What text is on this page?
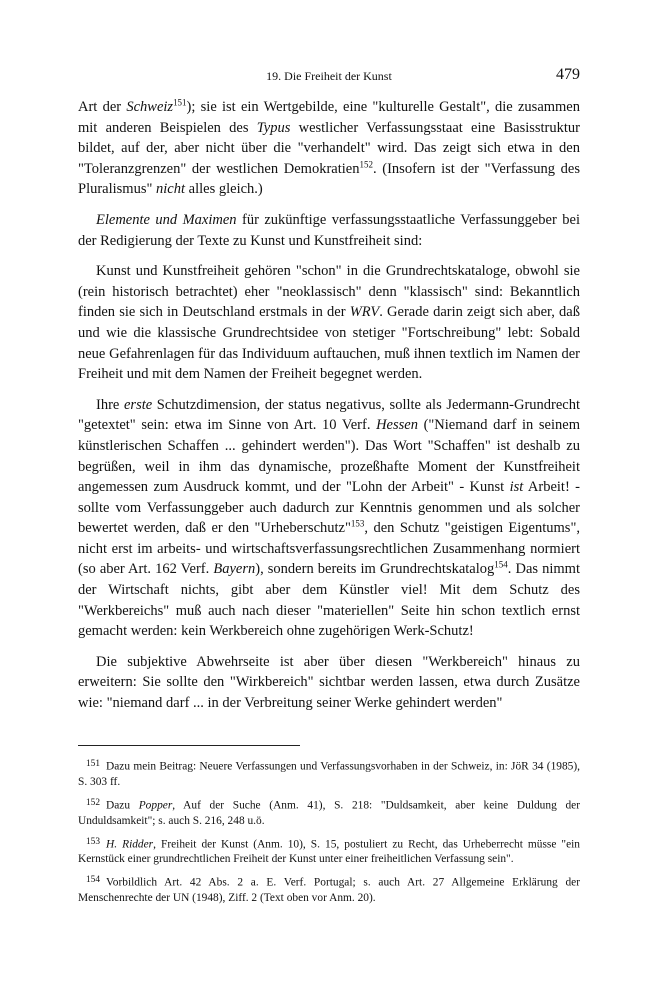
19. Die Freiheit der Kunst	479

Art der Schweiz$^{151}$); sie ist ein Wertgebilde, eine "kulturelle Gestalt", die zusammen mit anderen Beispielen des Typus westlicher Verfassungsstaat eine Basisstruktur bildet, auf der, aber nicht über die "verhandelt" wird. Das zeigt sich etwa in den "Toleranzgrenzen" der westlichen Demokratien$^{152}$. (Insofern ist der "Verfassung des Pluralismus" nicht alles gleich.)

Elemente und Maximen für zukünftige verfassungsstaatliche Verfassunggeber bei der Redigierung der Texte zu Kunst und Kunstfreiheit sind:

Kunst und Kunstfreiheit gehören "schon" in die Grundrechtskataloge, obwohl sie (rein historisch betrachtet) eher "neoklassisch" denn "klassisch" sind: Bekanntlich finden sie sich in Deutschland erstmals in der WRV. Gerade darin zeigt sich aber, daß und wie die klassische Grundrechtsidee von stetiger "Fortschreibung" lebt: Sobald neue Gefahrenlagen für das Individuum auftauchen, muß ihnen textlich im Namen der Freiheit und mit dem Namen der Freiheit begegnet werden.

Ihre erste Schutzdimension, der status negativus, sollte als Jedermann-Grundrecht "getextet" sein: etwa im Sinne von Art. 10 Verf. Hessen ("Niemand darf in seinem künstlerischen Schaffen ... gehindert werden"). Das Wort "Schaffen" ist deshalb zu begrüßen, weil in ihm das dynamische, prozeßhafte Moment der Kunstfreiheit angemessen zum Ausdruck kommt, und der "Lohn der Arbeit" - Kunst ist Arbeit! - sollte vom Verfassunggeber auch dadurch zur Kenntnis genommen und als solcher bewertet werden, daß er den "Urheberschutz"$^{153}$, den Schutz "geistigen Eigentums", nicht erst im arbeits- und wirtschaftsverfassungsrechtlichen Zusammenhang normiert (so aber Art. 162 Verf. Bayern), sondern bereits im Grundrechtskatalog$^{154}$. Das nimmt der Wirtschaft nichts, gibt aber dem Künstler viel! Mit dem Schutz des "Werkbereichs" muß auch nach dieser "materiellen" Seite hin schon textlich ernst gemacht werden: kein Werkbereich ohne zugehörigen Werk-Schutz!

Die subjektive Abwehrseite ist aber über diesen "Werkbereich" hinaus zu erweitern: Sie sollte den "Wirkbereich" sichtbar werden lassen, etwa durch Zusätze wie: "niemand darf ... in der Verbreitung seiner Werke gehindert werden"

$^{151}$ Dazu mein Beitrag: Neuere Verfassungen und Verfassungsvorhaben in der Schweiz, in: JöR 34 (1985), S. 303 ff.

$^{152}$ Dazu Popper, Auf der Suche (Anm. 41), S. 218: "Duldsamkeit, aber keine Duldung der Unduldsamkeit"; s. auch S. 216, 248 u.ö.

$^{153}$ H. Ridder, Freiheit der Kunst (Anm. 10), S. 15, postuliert zu Recht, das Urheberrecht müsse "ein Kernstück einer grundrechtlichen Freiheit der Kunst unter einer freiheitlichen Verfassung sein".

$^{154}$ Vorbildlich Art. 42 Abs. 2 a. E. Verf. Portugal; s. auch Art. 27 Allgemeine Erklärung der Menschenrechte der UN (1948), Ziff. 2 (Text oben vor Anm. 20).
